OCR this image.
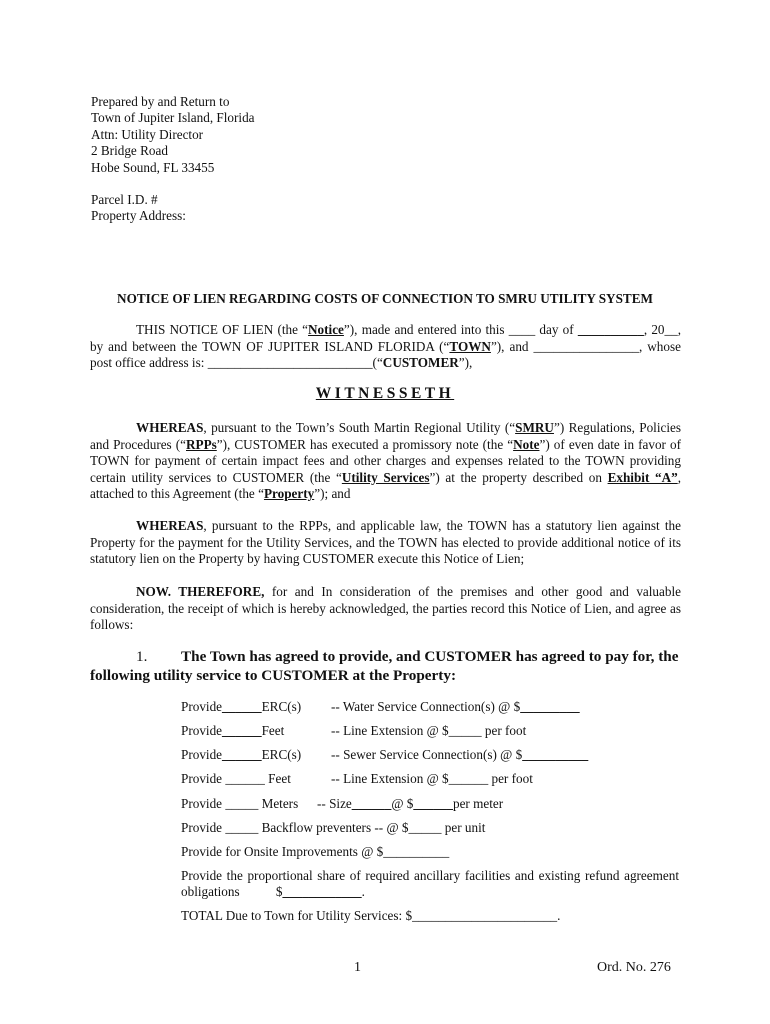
Prepared by and Return to
Town of Jupiter Island, Florida
Attn: Utility Director
2 Bridge Road
Hobe Sound, FL 33455
Parcel I.D. #
Property Address:
NOTICE OF LIEN REGARDING COSTS OF CONNECTION TO SMRU UTILITY SYSTEM

THIS NOTICE OF LIEN (the “Notice”), made and entered into this ____ day of __________, 20__, by and between the TOWN OF JUPITER ISLAND FLORIDA (“TOWN”), and ________________, whose post office address is: _________________________(“CUSTOMER”),

WITNESSETH

WHEREAS, pursuant to the Town’s South Martin Regional Utility (“SMRU”) Regulations, Policies and Procedures (“RPPs”), CUSTOMER has executed a promissory note (the “Note”) of even date in favor of TOWN for payment of certain impact fees and other charges and expenses related to the TOWN providing certain utility services to CUSTOMER (the “Utility Services”) at the property described on Exhibit “A”, attached to this Agreement (the “Property”); and

WHEREAS, pursuant to the RPPs, and applicable law, the TOWN has a statutory lien against the Property for the payment for the Utility Services, and the TOWN has elected to provide additional notice of its statutory lien on the Property by having CUSTOMER execute this Notice of Lien;

NOW. THEREFORE, for and In consideration of the premises and other good and valuable consideration, the receipt of which is hereby acknowledged, the parties record this Notice of Lien, and agree as follows:

1. The Town has agreed to provide, and CUSTOMER has agreed to pay for, the following utility service to CUSTOMER at the Property:
Provide______ERC(s) -- Water Service Connection(s) @ $_________
Provide______Feet	-- Line Extension @ $_____ per foot
Provide______ERC(s) -- Sewer Service Connection(s) @ $__________
Provide ______ Feet	-- Line Extension @ $______ per foot
Provide _____ Meters -- Size______@ $______per meter
Provide _____ Backflow preventers -- @ $_____ per unit
Provide for Onsite Improvements @ $__________
Provide the proportional share of required ancillary facilities and existing refund agreement obligations	$____________.
TOTAL Due to Town for Utility Services: $______________________.
1	Ord. No. 276
